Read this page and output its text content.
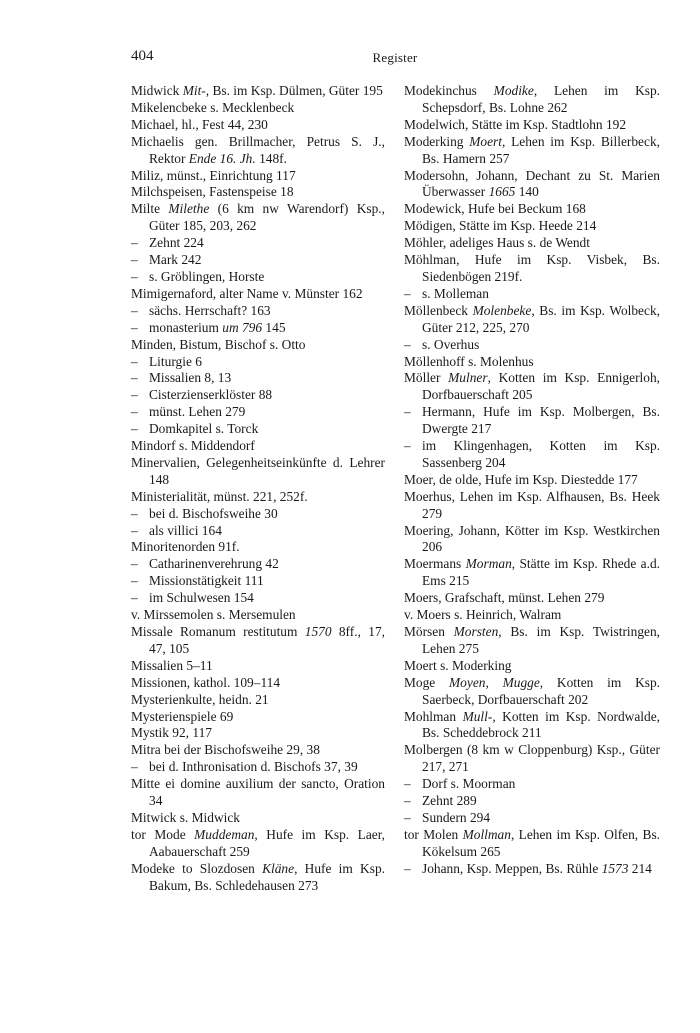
404	Register
Midwick Mit-, Bs. im Ksp. Dülmen, Güter 195
Mikelencbeke s. Mecklenbeck
Michael, hl., Fest 44, 230
Michaelis gen. Brillmacher, Petrus S. J., Rektor Ende 16. Jh. 148f.
Miliz, münst., Einrichtung 117
Milchspeisen, Fastenspeise 18
Milte Milethe (6 km nw Warendorf) Ksp., Güter 185, 203, 262
– Zehnt 224
– Mark 242
– s. Gröblingen, Horste
Mimigernaford, alter Name v. Münster 162
– sächs. Herrschaft? 163
– monasterium um 796 145
Minden, Bistum, Bischof s. Otto
– Liturgie 6
– Missalien 8, 13
– Cisterzienserklöster 88
– münst. Lehen 279
– Domkapitel s. Torck
Mindorf s. Middendorf
Minervalien, Gelegenheitseinkünfte d. Lehrer 148
Ministerialität, münst. 221, 252f.
– bei d. Bischofsweihe 30
– als villici 164
Minoritenorden 91f.
– Catharinenverehrung 42
– Missionstätigkeit 111
– im Schulwesen 154
v. Mirssemolen s. Mersemulen
Missale Romanum restitutum 1570 8ff., 17, 47, 105
Missalien 5–11
Missionen, kathol. 109–114
Mysterienkulte, heidn. 21
Mysterienspiele 69
Mystik 92, 117
Mitra bei der Bischofsweihe 29, 38
– bei d. Inthronisation d. Bischofs 37, 39
Mitte ei domine auxilium der sancto, Oration 34
Mitwick s. Midwick
tor Mode Muddeman, Hufe im Ksp. Laer, Aabauerschaft 259
Modeke to Slozdosen Kläne, Hufe im Ksp. Bakum, Bs. Schledehausen 273
Modekinchus Modike, Lehen im Ksp. Schepsdorf, Bs. Lohne 262
Modelwich, Stätte im Ksp. Stadtlohn 192
Moderking Moert, Lehen im Ksp. Billerbeck, Bs. Hamern 257
Modersohn, Johann, Dechant zu St. Marien Überwasser 1665 140
Modewick, Hufe bei Beckum 168
Mödigen, Stätte im Ksp. Heede 214
Möhler, adeliges Haus s. de Wendt
Möhlman, Hufe im Ksp. Visbek, Bs. Siedenbögen 219f.
– s. Molleman
Möllenbeck Molenbeke, Bs. im Ksp. Wolbeck, Güter 212, 225, 270
– s. Overhus
Möllenhoff s. Molenhus
Möller Mulner, Kotten im Ksp. Ennigerloh, Dorfbauerschaft 205
– Hermann, Hufe im Ksp. Molbergen, Bs. Dwergte 217
– im Klingenhagen, Kotten im Ksp. Sassenberg 204
Moer, de olde, Hufe im Ksp. Diestedde 177
Moerhus, Lehen im Ksp. Alfhausen, Bs. Heek 279
Moering, Johann, Kötter im Ksp. Westkirchen 206
Moermans Morman, Stätte im Ksp. Rhede a.d. Ems 215
Moers, Grafschaft, münst. Lehen 279
v. Moers s. Heinrich, Walram
Mörsen Morsten, Bs. im Ksp. Twistringen, Lehen 275
Moert s. Moderking
Moge Moyen, Mugge, Kotten im Ksp. Saerbeck, Dorfbauerschaft 202
Mohlman Mull-, Kotten im Ksp. Nordwalde, Bs. Scheddebrock 211
Molbergen (8 km w Cloppenburg) Ksp., Güter 217, 271
– Dorf s. Moorman
– Zehnt 289
– Sundern 294
tor Molen Mollman, Lehen im Ksp. Olfen, Bs. Kökelsum 265
– Johann, Ksp. Meppen, Bs. Rühle 1573 214
